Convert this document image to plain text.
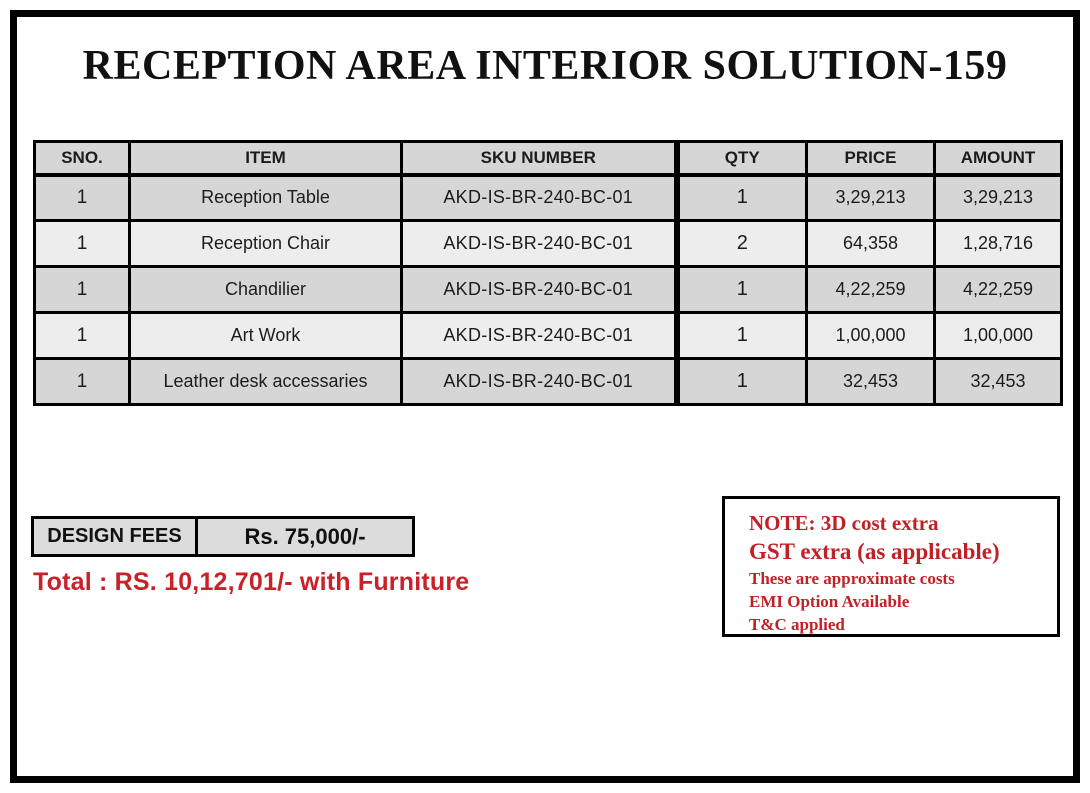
RECEPTION AREA INTERIOR SOLUTION-159
SNO.	ITEM	SKU NUMBER	QTY	PRICE	AMOUNT
1	Reception Table	AKD-IS-BR-240-BC-01	1	3,29,213	3,29,213
1	Reception Chair	AKD-IS-BR-240-BC-01	2	64,358	1,28,716
1	Chandilier	AKD-IS-BR-240-BC-01	1	4,22,259	4,22,259
1	Art Work	AKD-IS-BR-240-BC-01	1	1,00,000	1,00,000
1	Leather desk accessaries	AKD-IS-BR-240-BC-01	1	32,453	32,453
DESIGN FEES	Rs. 75,000/-
Total : RS. 10,12,701/- with Furniture
NOTE: 3D cost extra
GST extra (as applicable)
These are approximate costs
EMI Option Available
T&C applied
